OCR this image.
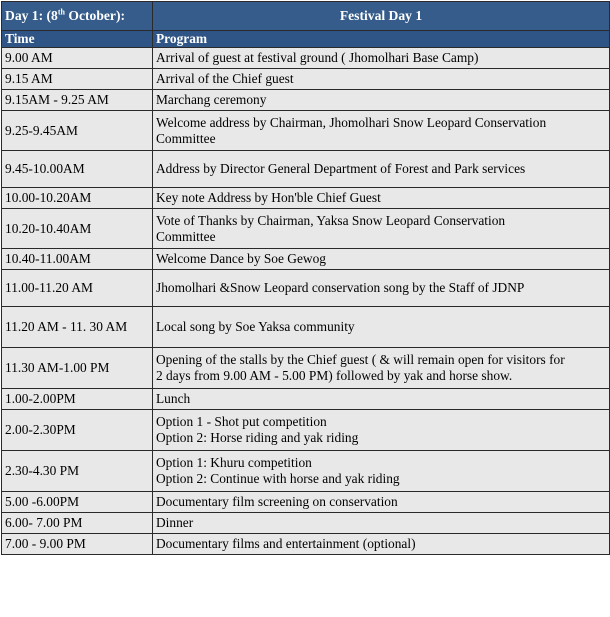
Day 1: (8th October):	Festival Day 1
Time	Program
9.00 AM	Arrival of guest at festival ground ( Jhomolhari Base Camp)

9.15 AM	Arrival of the Chief guest

9.15AM - 9.25 AM	Marchang ceremony

9.25-9.45AM	Welcome address by Chairman, Jhomolhari Snow Leopard Conservation
Committee

9.45-10.00AM	Address by Director General Department of Forest and Park services

10.00-10.20AM	Key note Address by Hon'ble Chief Guest

10.20-10.40AM	Vote of Thanks by Chairman, Yaksa Snow Leopard Conservation
Committee

10.40-11.00AM	Welcome Dance by Soe Gewog

11.00-11.20 AM	Jhomolhari &Snow Leopard conservation song by the Staff of JDNP

11.20 AM - 11. 30 AM	Local song by Soe Yaksa community

11.30 AM-1.00 PM	Opening of the stalls by the Chief guest ( & will remain open for visitors for
2 days from 9.00 AM - 5.00 PM) followed by yak and horse show.

1.00-2.00PM	Lunch

2.00-2.30PM	Option 1 - Shot put competition
Option 2: Horse riding and yak riding

2.30-4.30 PM	Option 1: Khuru competition
Option 2: Continue with horse and yak riding

5.00 -6.00PM	Documentary film screening on conservation

6.00- 7.00 PM	Dinner

7.00 - 9.00 PM	Documentary films and entertainment (optional)
